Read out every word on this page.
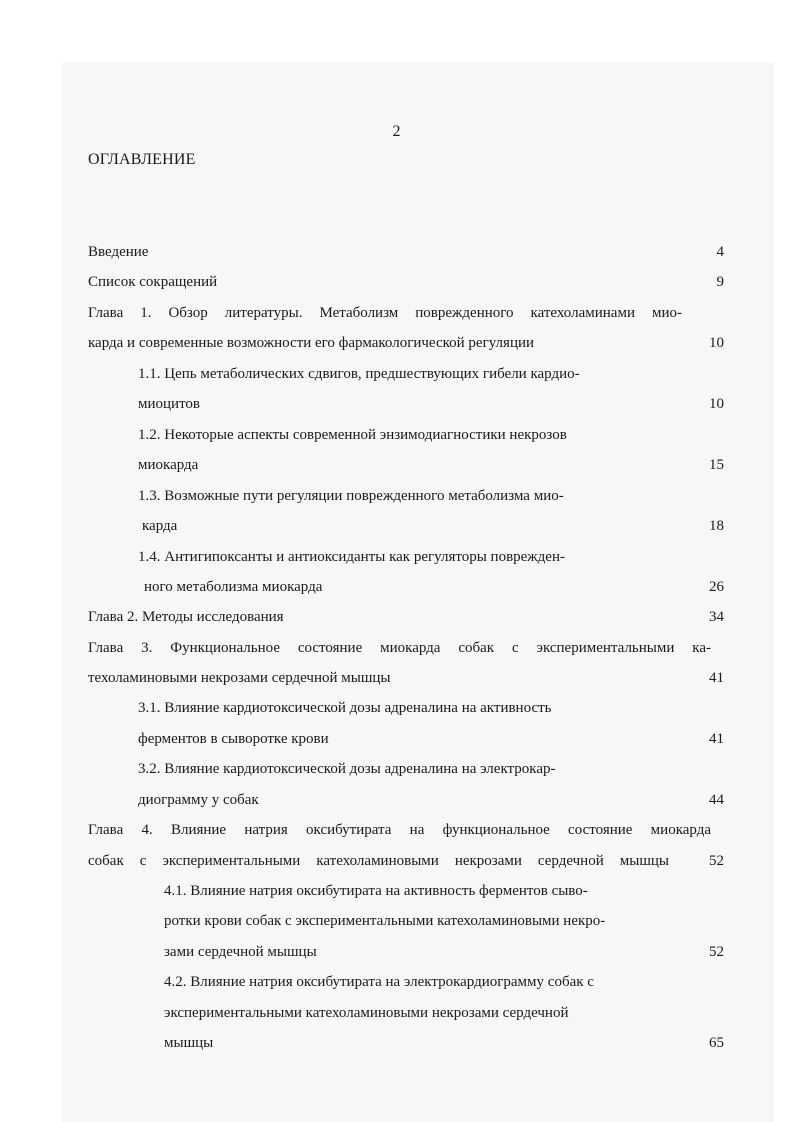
2
ОГЛАВЛЕНИЕ
Введение	4
Список сокращений	9
Глава 1. Обзор литературы. Метаболизм поврежденного катехоламинами мио-
карда и современные возможности его фармакологической регуляции	10
1.1. Цепь метаболических сдвигов, предшествующих гибели кардио-
миоцитов	10
1.2. Некоторые аспекты современной энзимодиагностики некрозов
миокарда	15
1.3. Возможные пути регуляции поврежденного метаболизма мио-
карда	18
1.4. Антигипоксанты и антиоксиданты как регуляторы поврежден-
ного метаболизма миокарда	26
Глава 2. Методы исследования	34
Глава 3. Функциональное состояние миокарда собак с экспериментальными ка-
техоламиновыми некрозами сердечной мышцы	41
3.1. Влияние кардиотоксической дозы адреналина на активность
ферментов в сыворотке крови	41
3.2. Влияние кардиотоксической дозы адреналина на электрокар-
диограмму у собак	44
Глава 4. Влияние натрия оксибутирата на функциональное состояние миокарда
собак с экспериментальными катехоламиновыми некрозами сердечной мышцы	52
4.1. Влияние натрия оксибутирата на активность ферментов сыво-
ротки крови собак с экспериментальными катехоламиновыми некро-
зами сердечной мышцы	52
4.2. Влияние натрия оксибутирата на электрокардиограмму собак с
экспериментальными катехоламиновыми некрозами сердечной
мышцы	65
